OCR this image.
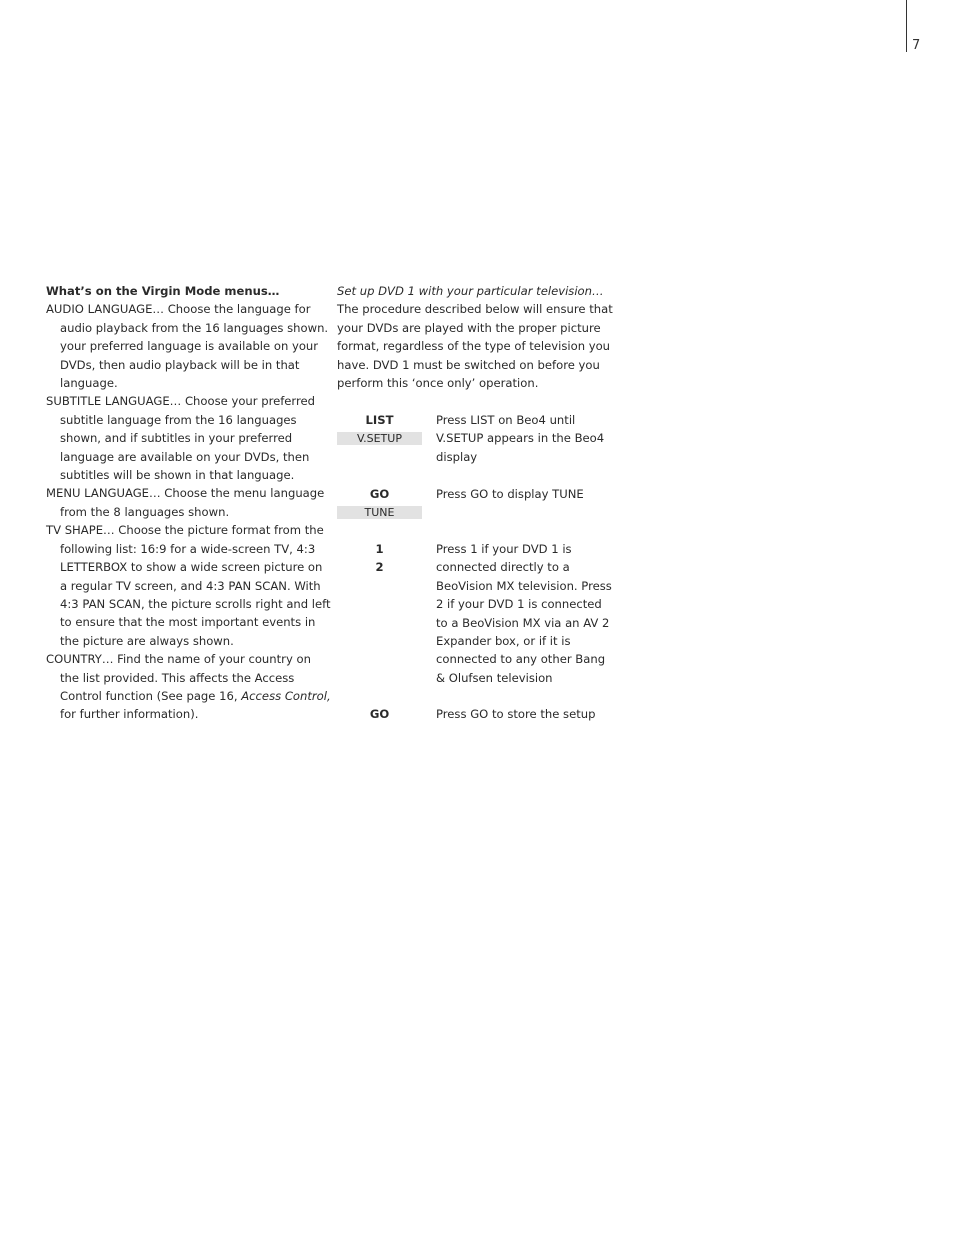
7

What’s on the Virgin Mode menus…

AUDIO LANGUAGE… Choose the language for audio playback from the 16 languages shown. your preferred language is available on your DVDs, then audio playback will be in that language.

SUBTITLE LANGUAGE… Choose your preferred subtitle language from the 16 languages shown, and if subtitles in your preferred language are available on your DVDs, then subtitles will be shown in that language.

MENU LANGUAGE… Choose the menu language from the 8 languages shown.

TV SHAPE… Choose the picture format from the following list: 16:9 for a wide-screen TV, 4:3 LETTERBOX to show a wide screen picture on a regular TV screen, and 4:3 PAN SCAN. With 4:3 PAN SCAN, the picture scrolls right and left to ensure that the most important events in the picture are always shown.

COUNTRY… Find the name of your country on the list provided. This affects the Access Control function (See page 16, Access Control, for further information).

Set up DVD 1 with your particular television…

The procedure described below will ensure that your DVDs are played with the proper picture format, regardless of the type of television you have. DVD 1 must be switched on before you perform this ‘once only’ operation.

LIST
V.SETUP
Press LIST on Beo4 until V.SETUP appears in the Beo4 display
GO
TUNE
Press GO to display TUNE
1
2
Press 1 if your DVD 1 is connected directly to a BeoVision MX television. Press 2 if your DVD 1 is connected to a BeoVision MX via an AV 2 Expander box, or if it is connected to any other Bang & Olufsen television
GO	Press GO to store the setup
